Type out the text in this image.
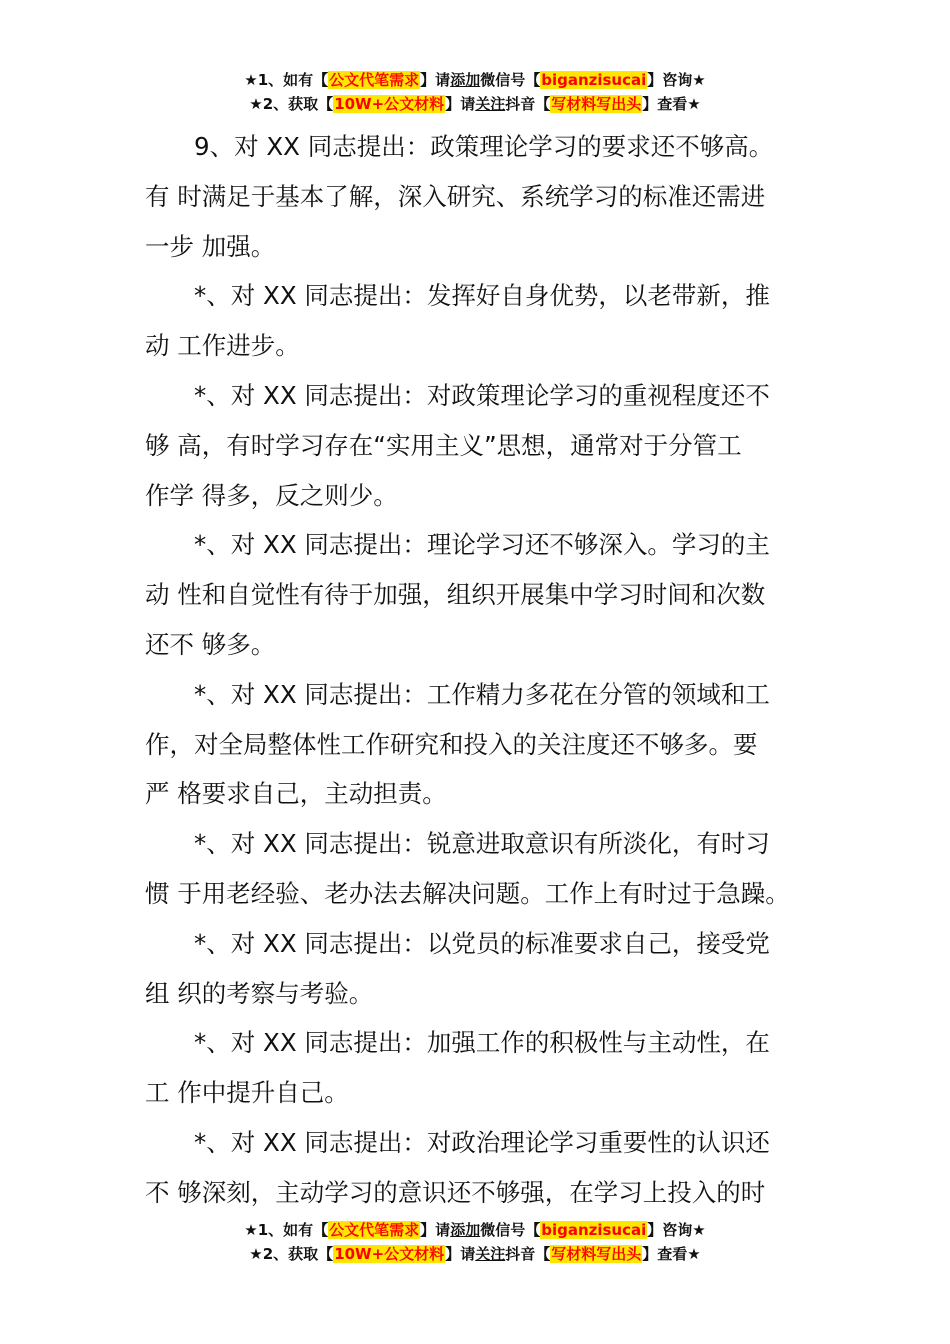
★1、如有【公文代笔需求】请添加微信号【biganzisucai】咨询★
★2、获取【10W+公文材料】请关注抖音【写材料写出头】查看★

9、对 XX 同志提出：政策理论学习的要求还不够高。
有 时满足于基本了解，深入研究、系统学习的标准还需进
一步 加强。

*、对 XX 同志提出：发挥好自身优势，以老带新，推
动 工作进步。

*、对 XX 同志提出：对政策理论学习的重视程度还不
够 高，有时学习存在“实用主义”思想，通常对于分管工
作学 得多，反之则少。

*、对 XX 同志提出：理论学习还不够深入。学习的主
动 性和自觉性有待于加强，组织开展集中学习时间和次数
还不 够多。

*、对 XX 同志提出：工作精力多花在分管的领域和工
作，对全局整体性工作研究和投入的关注度还不够多。要
严 格要求自己，主动担责。

*、对 XX 同志提出：锐意进取意识有所淡化，有时习
惯 于用老经验、老办法去解决问题。工作上有时过于急躁。

*、对 XX 同志提出：以党员的标准要求自己，接受党
组 织的考察与考验。

*、对 XX 同志提出：加强工作的积极性与主动性，在
工 作中提升自己。

*、对 XX 同志提出：对政治理论学习重要性的认识还
不 够深刻，主动学习的意识还不够强，在学习上投入的时

★1、如有【公文代笔需求】请添加微信号【biganzisucai】咨询★
★2、获取【10W+公文材料】请关注抖音【写材料写出头】查看★
